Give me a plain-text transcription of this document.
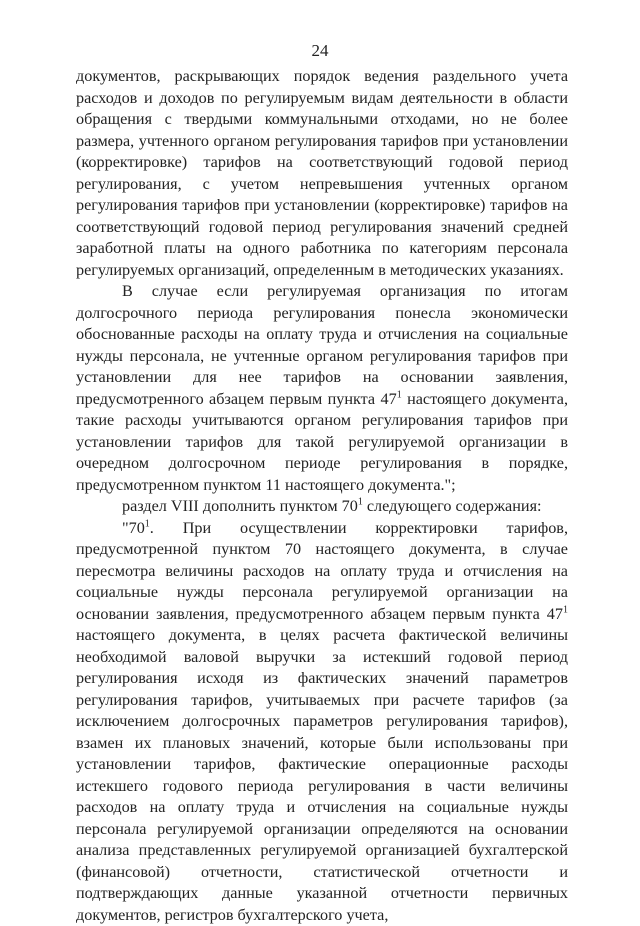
24

документов, раскрывающих порядок ведения раздельного учета расходов и доходов по регулируемым видам деятельности в области обращения с твердыми коммунальными отходами, но не более размера, учтенного органом регулирования тарифов при установлении (корректировке) тарифов на соответствующий годовой период регулирования, с учетом непревышения учтенных органом регулирования тарифов при установлении (корректировке) тарифов на соответствующий годовой период регулирования значений средней заработной платы на одного работника по категориям персонала регулируемых организаций, определенным в методических указаниях.

В случае если регулируемая организация по итогам долгосрочного периода регулирования понесла экономически обоснованные расходы на оплату труда и отчисления на социальные нужды персонала, не учтенные органом регулирования тарифов при установлении для нее тарифов на основании заявления, предусмотренного абзацем первым пункта $47^1$ настоящего документа, такие расходы учитываются органом регулирования тарифов при установлении тарифов для такой регулируемой организации в очередном долгосрочном периоде регулирования в порядке, предусмотренном пунктом 11 настоящего документа.";

раздел VIII дополнить пунктом $70^1$ следующего содержания:

"$70^1$. При осуществлении корректировки тарифов, предусмотренной пунктом 70 настоящего документа, в случае пересмотра величины расходов на оплату труда и отчисления на социальные нужды персонала регулируемой организации на основании заявления, предусмотренного абзацем первым пункта $47^1$ настоящего документа, в целях расчета фактической величины необходимой валовой выручки за истекший годовой период регулирования исходя из фактических значений параметров регулирования тарифов, учитываемых при расчете тарифов (за исключением долгосрочных параметров регулирования тарифов), взамен их плановых значений, которые были использованы при установлении тарифов, фактические операционные расходы истекшего годового периода регулирования в части величины расходов на оплату труда и отчисления на социальные нужды персонала регулируемой организации определяются на основании анализа представленных регулируемой организацией бухгалтерской (финансовой) отчетности, статистической отчетности и подтверждающих данные указанной отчетности первичных документов, регистров бухгалтерского учета,
